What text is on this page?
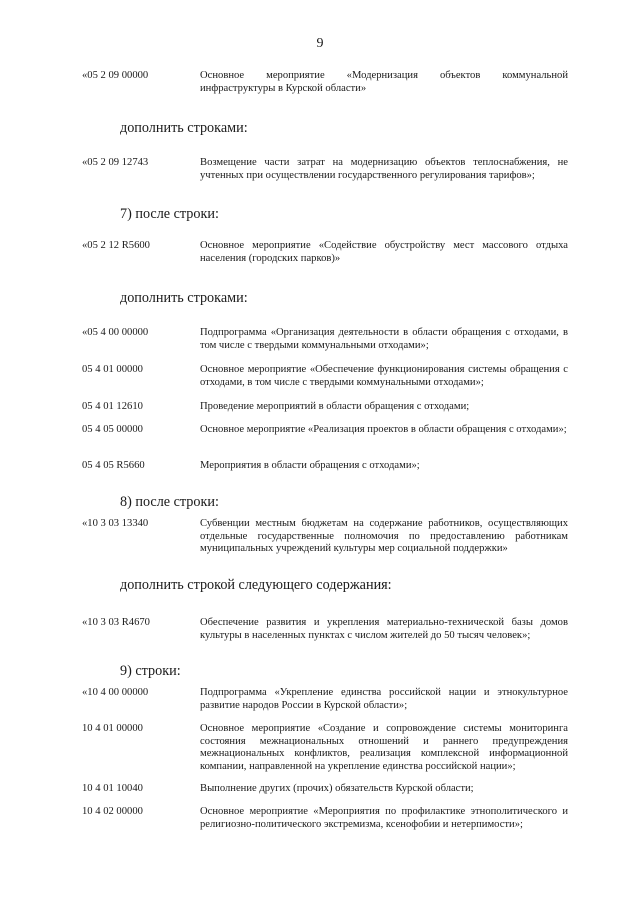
9
«05 2 09 00000	Основное мероприятие «Модернизация объектов коммунальной инфраструктуры в Курской области»
дополнить строками:
«05 2 09 12743	Возмещение части затрат на модернизацию объектов теплоснабжения, не учтенных при осуществлении государственного регулирования тарифов»;
7) после строки:
«05 2 12 R5600	Основное мероприятие «Содействие обустройству мест массового отдыха населения (городских парков)»
дополнить строками:
«05 4 00 00000	Подпрограмма «Организация деятельности в области обращения с отходами, в том числе с твердыми коммунальными отходами»;
05 4 01 00000	Основное мероприятие «Обеспечение функционирования системы обращения с отходами, в том числе с твердыми коммунальными отходами»;
05 4 01 12610	Проведение мероприятий в области обращения с отходами;
05 4 05 00000	Основное мероприятие «Реализация проектов в области обращения с отходами»;
05 4 05 R5660	Мероприятия в области обращения с отходами»;
8) после строки:
«10 3 03 13340	Субвенции местным бюджетам на содержание работников, осуществляющих отдельные государственные полномочия по предоставлению работникам муниципальных учреждений культуры мер социальной поддержки»
дополнить строкой следующего содержания:
«10 3 03 R4670	Обеспечение развития и укрепления материально-технической базы домов культуры в населенных пунктах с числом жителей до 50 тысяч человек»;
9) строки:
«10 4 00 00000	Подпрограмма «Укрепление единства российской нации и этнокультурное развитие народов России в Курской области»;
10 4 01 00000	Основное мероприятие «Создание и сопровождение системы мониторинга состояния межнациональных отношений и раннего предупреждения межнациональных конфликтов, реализация комплексной информационной компании, направленной на укрепление единства российской нации»;
10 4 01 10040	Выполнение других (прочих) обязательств Курской области;
10 4 02 00000	Основное мероприятие «Мероприятия по профилактике этнополитического и религиозно-политического экстремизма, ксенофобии и нетерпимости»;
